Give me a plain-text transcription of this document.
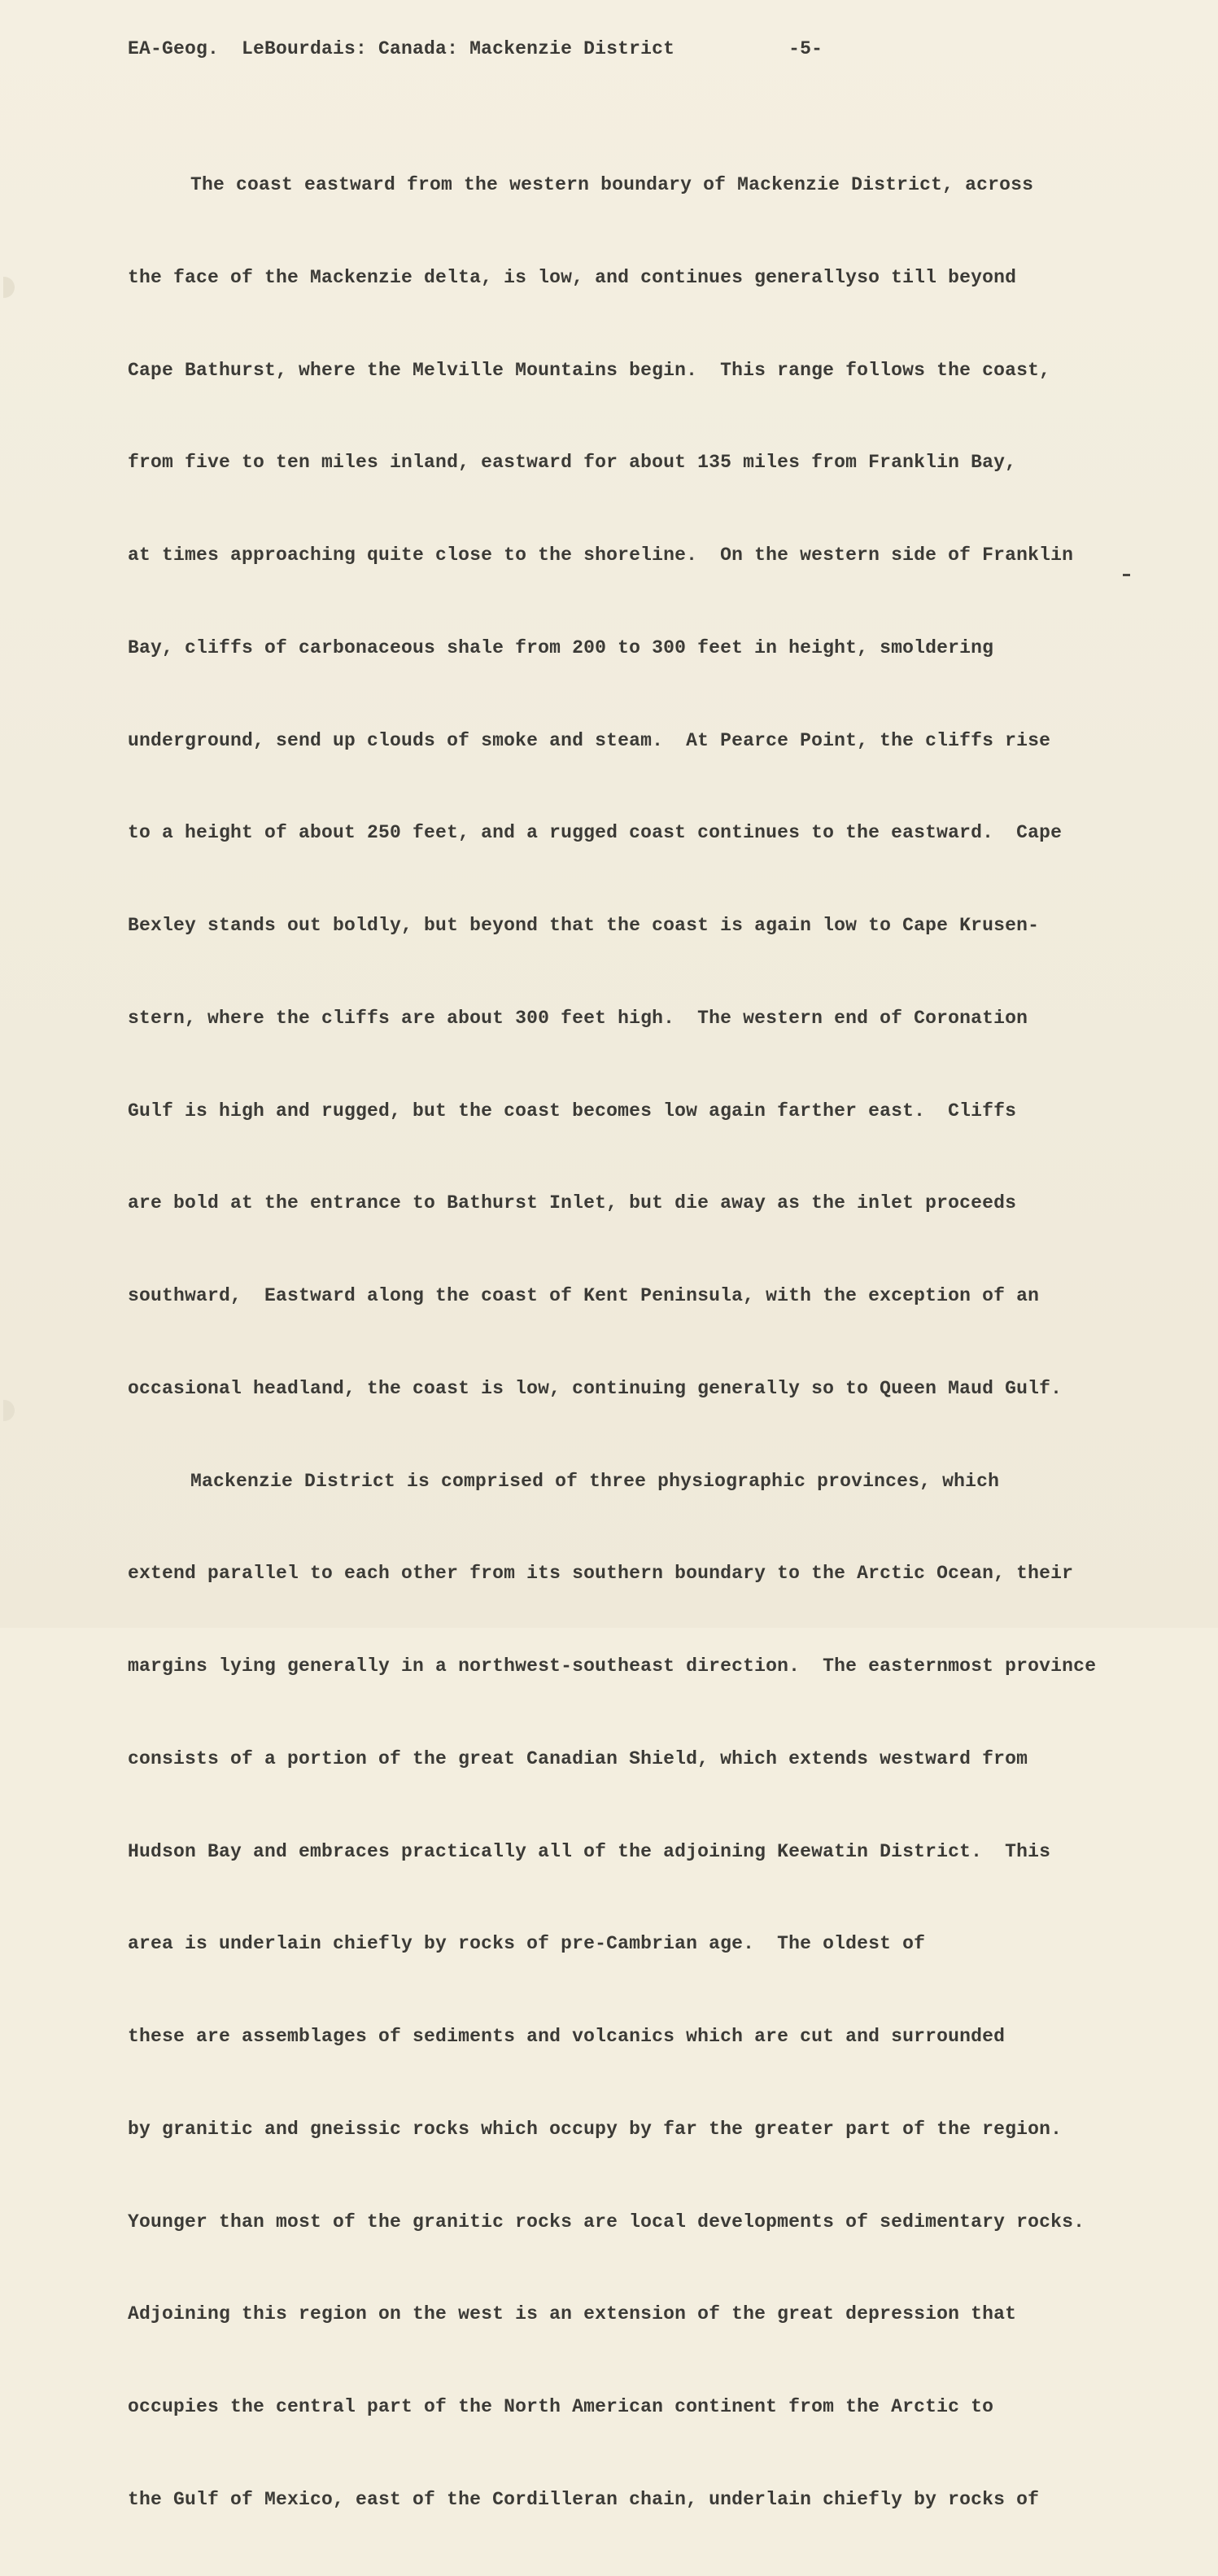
EA-Geog.  LeBourdais: Canada: Mackenzie District          -5-

The coast eastward from the western boundary of Mackenzie District, across

the face of the Mackenzie delta, is low, and continues generallyso till beyond

Cape Bathurst, where the Melville Mountains begin.  This range follows the coast,

from five to ten miles inland, eastward for about 135 miles from Franklin Bay,

at times approaching quite close to the shoreline.  On the western side of Franklin

Bay, cliffs of carbonaceous shale from 200 to 300 feet in height, smoldering

underground, send up clouds of smoke and steam.  At Pearce Point, the cliffs rise

to a height of about 250 feet, and a rugged coast continues to the eastward.  Cape

Bexley stands out boldly, but beyond that the coast is again low to Cape Krusen-

stern, where the cliffs are about 300 feet high.  The western end of Coronation

Gulf is high and rugged, but the coast becomes low again farther east.  Cliffs

are bold at the entrance to Bathurst Inlet, but die away as the inlet proceeds

southward,  Eastward along the coast of Kent Peninsula, with the exception of an

occasional headland, the coast is low, continuing generally so to Queen Maud Gulf.

Mackenzie District is comprised of three physiographic provinces, which

extend parallel to each other from its southern boundary to the Arctic Ocean, their

margins lying generally in a northwest-southeast direction.  The easternmost province

consists of a portion of the great Canadian Shield, which extends westward from

Hudson Bay and embraces practically all of the adjoining Keewatin District.  This

area is underlain chiefly by rocks of pre-Cambrian age.  The oldest of

these are assemblages of sediments and volcanics which are cut and surrounded

by granitic and gneissic rocks which occupy by far the greater part of the region.

Younger than most of the granitic rocks are local developments of sedimentary rocks.

Adjoining this region on the west is an extension of the great depression that

occupies the central part of the North American continent from the Arctic to

the Gulf of Mexico, east of the Cordilleran chain, underlain chiefly by rocks of
